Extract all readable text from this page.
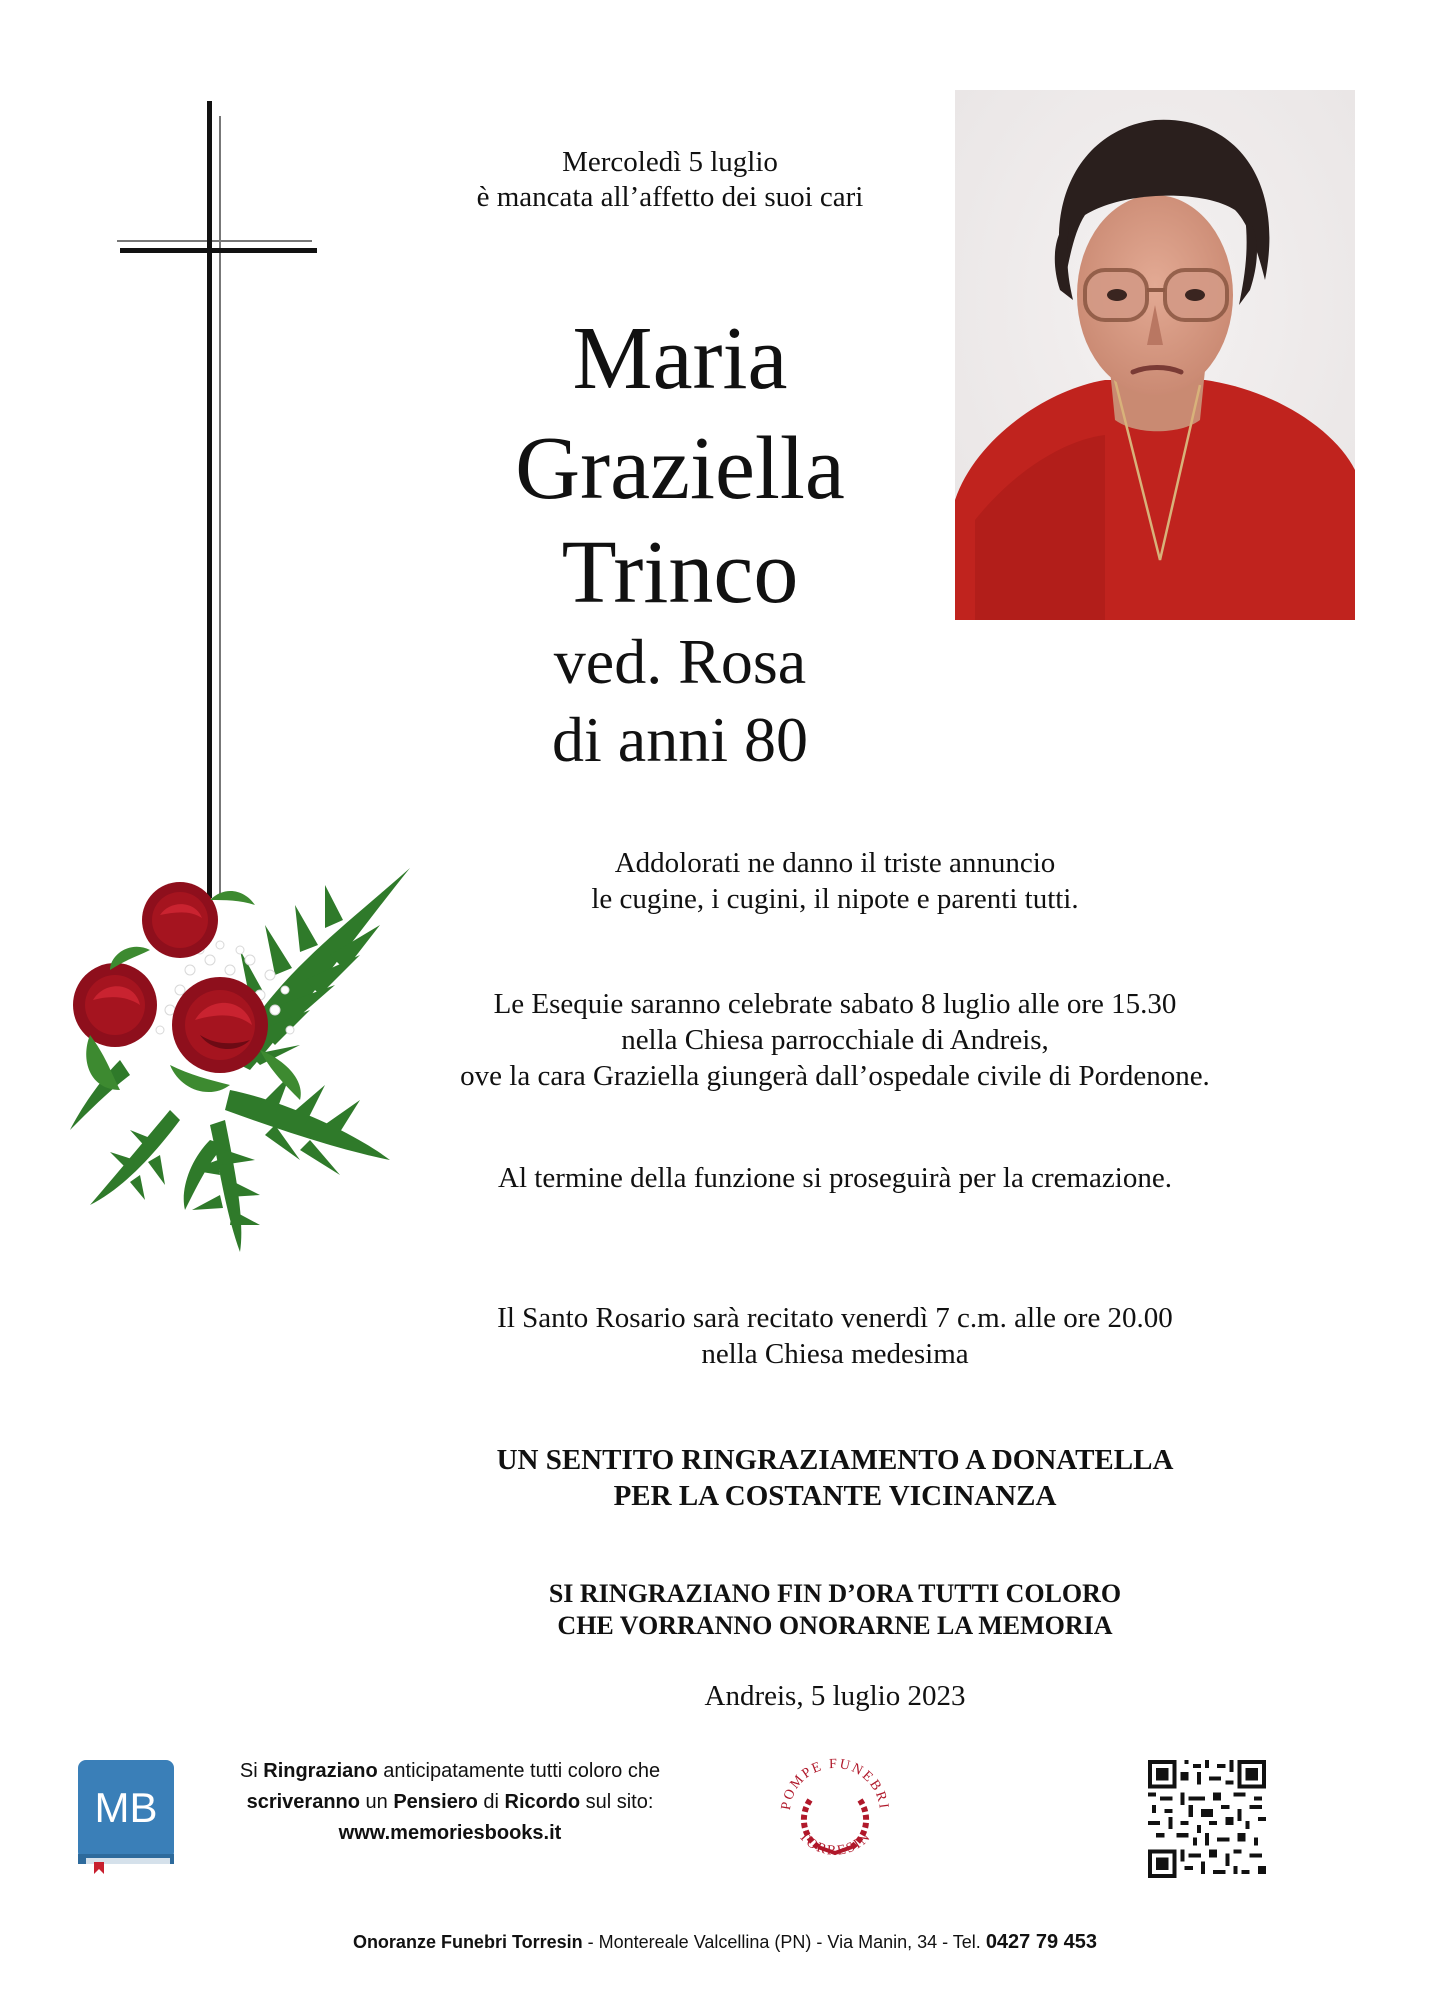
Mercoledì 5 luglio
è mancata all’affetto dei suoi cari
Maria
Graziella
Trinco
ved. Rosa
di anni 80
Addolorati ne danno il triste annuncio
le cugine, i cugini, il nipote e parenti tutti.
Le Esequie saranno celebrate sabato 8 luglio alle ore 15.30
nella Chiesa parrocchiale di Andreis,
ove la cara Graziella giungerà dall’ospedale civile di Pordenone.
Al termine della funzione si proseguirà per la cremazione.
Il Santo Rosario sarà recitato venerdì 7 c.m. alle ore 20.00
nella Chiesa medesima
UN SENTITO RINGRAZIAMENTO A DONATELLA
PER LA COSTANTE VICINANZA
SI RINGRAZIANO FIN D’ORA TUTTI COLORO
CHE VORRANNO ONORARNE LA MEMORIA
Andreis, 5 luglio 2023
MB
Si Ringraziano anticipatamente tutti coloro che
scriveranno un Pensiero di Ricordo sul sito:
www.memoriesbooks.it
POMPE FUNEBRI
TORRESIN
Onoranze Funebri Torresin - Montereale Valcellina (PN) - Via Manin, 34 - Tel. 0427 79 453
